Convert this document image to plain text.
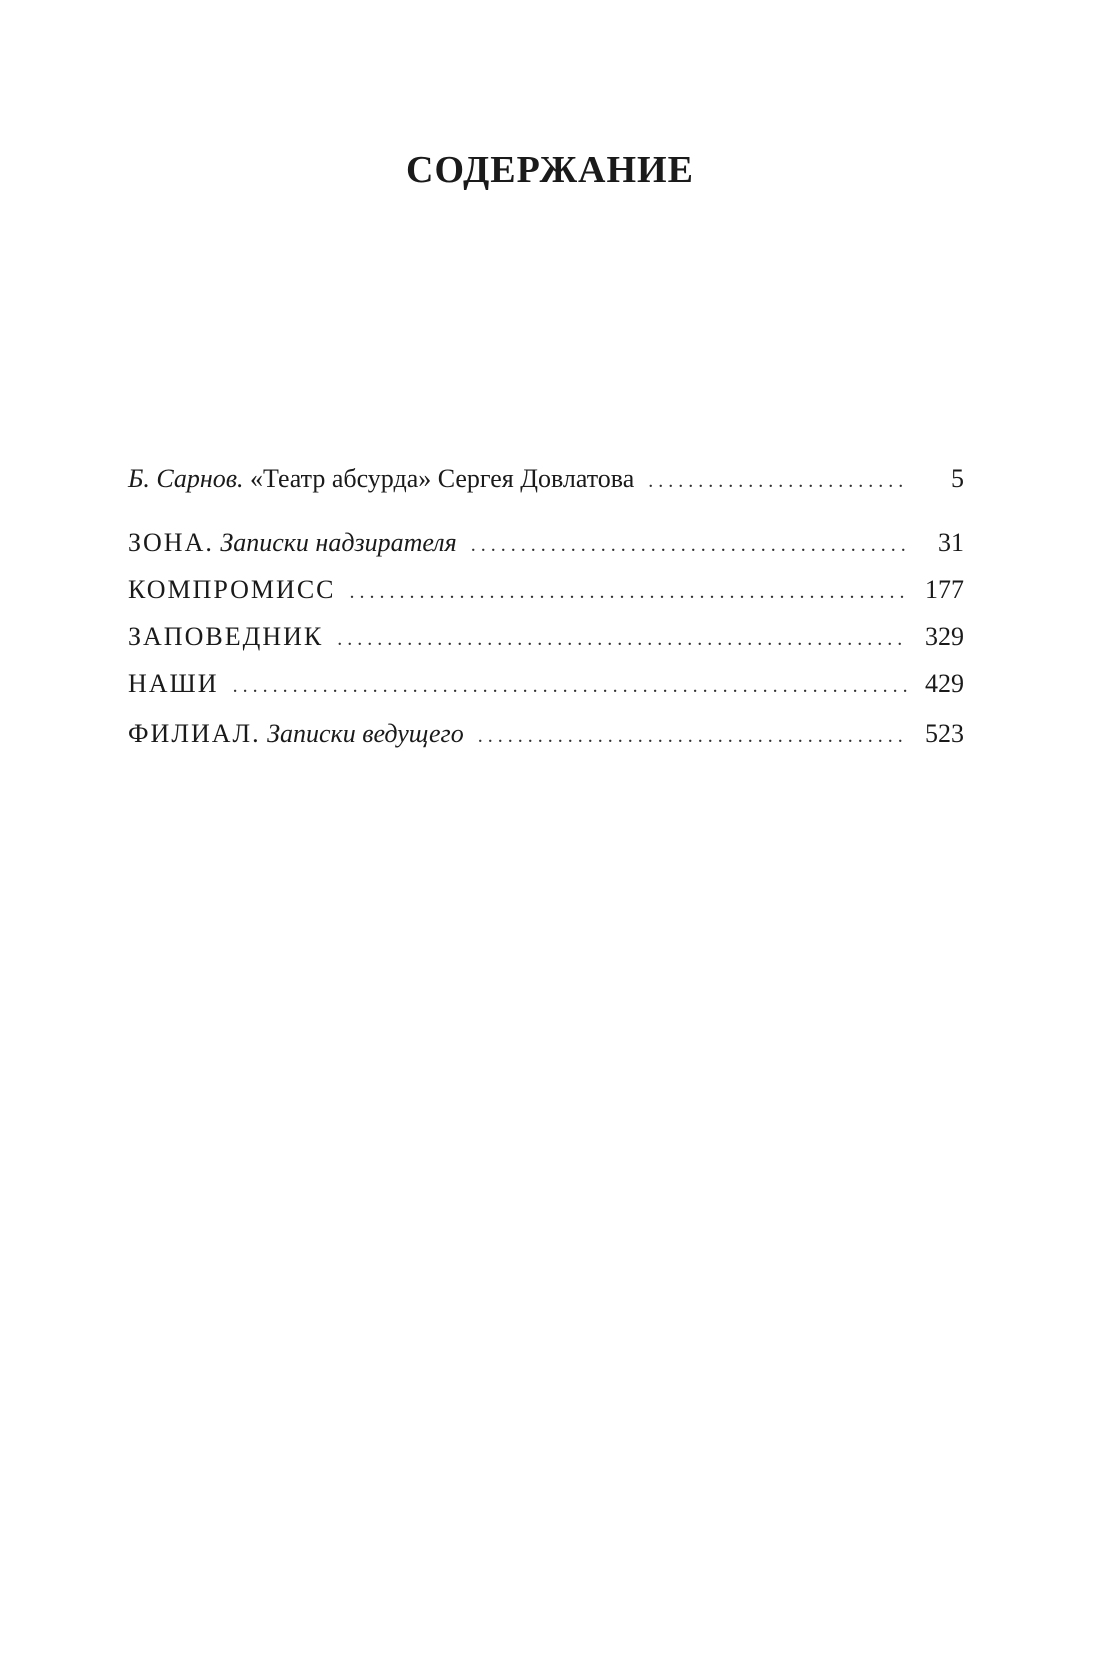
СОДЕРЖАНИЕ
Б. Сарнов. «Театр абсурда» Сергея Довлатова . . .	5
ЗОНА. Записки надзирателя . . .	31
КОМПРОМИСС . . .	177
ЗАПОВЕДНИК . . .	329
НАШИ . . .	429
ФИЛИАЛ. Записки ведущего . . .	523
